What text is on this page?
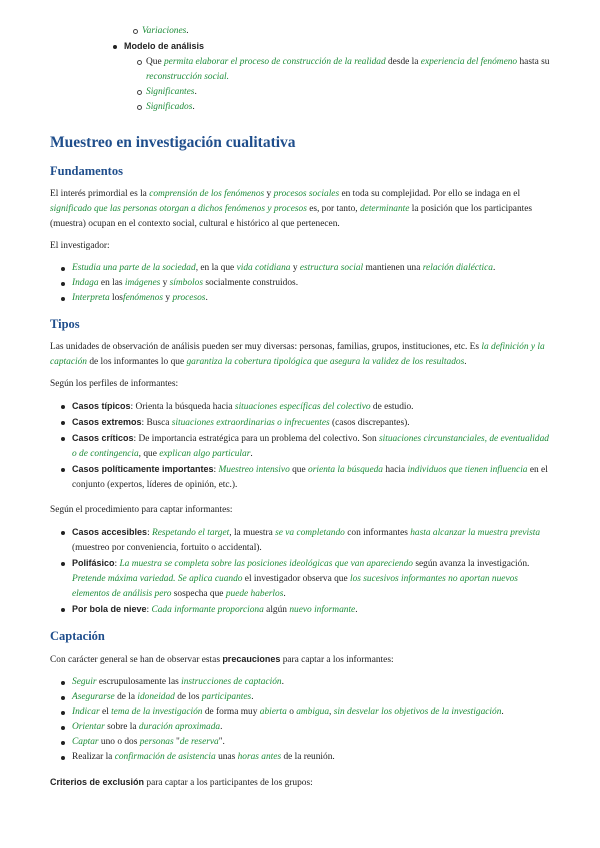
Variaciones.
Modelo de análisis
Que permita elaborar el proceso de construcción de la realidad desde la experiencia del fenómeno hasta su reconstrucción social.
Significantes.
Significados.
Muestreo en investigación cualitativa
Fundamentos

El interés primordial es la comprensión de los fenómenos y procesos sociales en toda su complejidad. Por ello se indaga en el significado que las personas otorgan a dichos fenómenos y procesos es, por tanto, determinante la posición que los participantes (muestra) ocupan en el contexto social, cultural e histórico al que pertenecen.

El investigador:

Estudia una parte de la sociedad, en la que vida cotidiana y estructura social mantienen una relación dialéctica.
Indaga en las imágenes y símbolos socialmente construidos.
Interpreta losfenómenos y procesos.
Tipos

Las unidades de observación de análisis pueden ser muy diversas: personas, familias, grupos, instituciones, etc. Es la definición y la captación de los informantes lo que garantiza la cobertura tipológica que asegura la validez de los resultados.

Según los perfiles de informantes:

Casos típicos: Orienta la búsqueda hacia situaciones específicas del colectivo de estudio.
Casos extremos: Busca situaciones extraordinarias o infrecuentes (casos discrepantes).
Casos críticos: De importancia estratégica para un problema del colectivo. Son situaciones circunstanciales, de eventualidad o de contingencia, que explican algo particular.
Casos políticamente importantes: Muestreo intensivo que orienta la búsqueda hacia individuos que tienen influencia en el conjunto (expertos, líderes de opinión, etc.).

Según el procedimiento para captar informantes:

Casos accesibles: Respetando el target, la muestra se va completando con informantes hasta alcanzar la muestra prevista (muestreo por conveniencia, fortuito o accidental).
Polifásico: La muestra se completa sobre las posiciones ideológicas que van apareciendo según avanza la investigación. Pretende máxima variedad. Se aplica cuando el investigador observa que los sucesivos informantes no aportan nuevos elementos de análisis pero sospecha que puede haberlos.
Por bola de nieve: Cada informante proporciona algún nuevo informante.
Captación

Con carácter general se han de observar estas precauciones para captar a los informantes:

Seguir escrupulosamente las instrucciones de captación.
Asegurarse de la idoneidad de los participantes.
Indicar el tema de la investigación de forma muy abierta o ambigua, sin desvelar los objetivos de la investigación.
Orientar sobre la duración aproximada.
Captar uno o dos personas "de reserva".
Realizar la confirmación de asistencia unas horas antes de la reunión.

Criterios de exclusión para captar a los participantes de los grupos:
